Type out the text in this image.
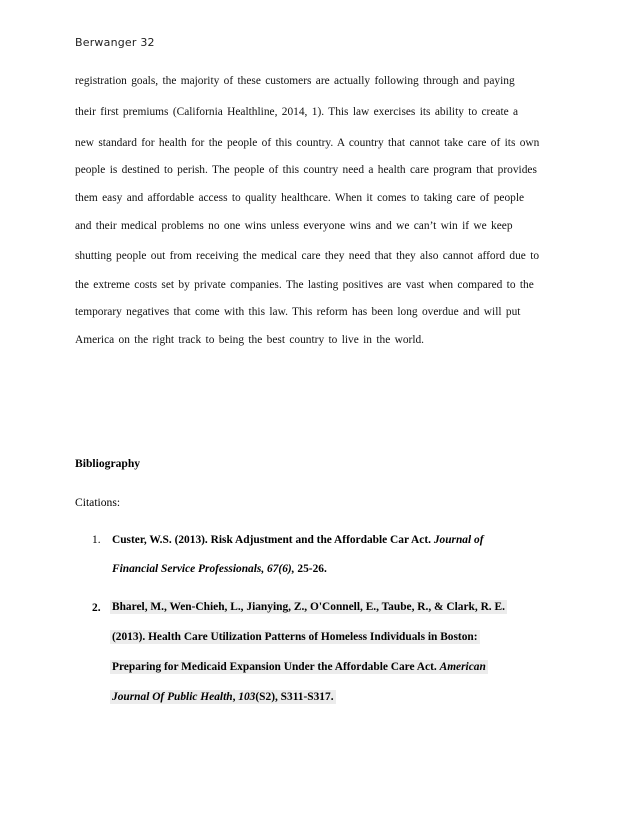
Berwanger 32
registration goals, the majority of these customers are actually following through and paying
their first premiums (California Healthline, 2014, 1). This law exercises its ability to create a
new standard for health for the people of this country. A country that cannot take care of its own
people is destined to perish. The people of this country need a health care program that provides
them easy and affordable access to quality healthcare. When it comes to taking care of people
and their medical problems no one wins unless everyone wins and we can’t win if we keep
shutting people out from receiving the medical care they need that they also cannot afford due to
the extreme costs set by private companies. The lasting positives are vast when compared to the
temporary negatives that come with this law. This reform has been long overdue and will put
America on the right track to being the best country to live in the world.
Bibliography
Citations:
1. Custer, W.S. (2013). Risk Adjustment and the Affordable Car Act. Journal of
Financial Service Professionals, 67(6), 25-26.
2. Bharel, M., Wen-Chieh, L., Jianying, Z., O'Connell, E., Taube, R., & Clark, R. E.
(2013). Health Care Utilization Patterns of Homeless Individuals in Boston:
Preparing for Medicaid Expansion Under the Affordable Care Act. American
Journal Of Public Health, 103(S2), S311-S317.
